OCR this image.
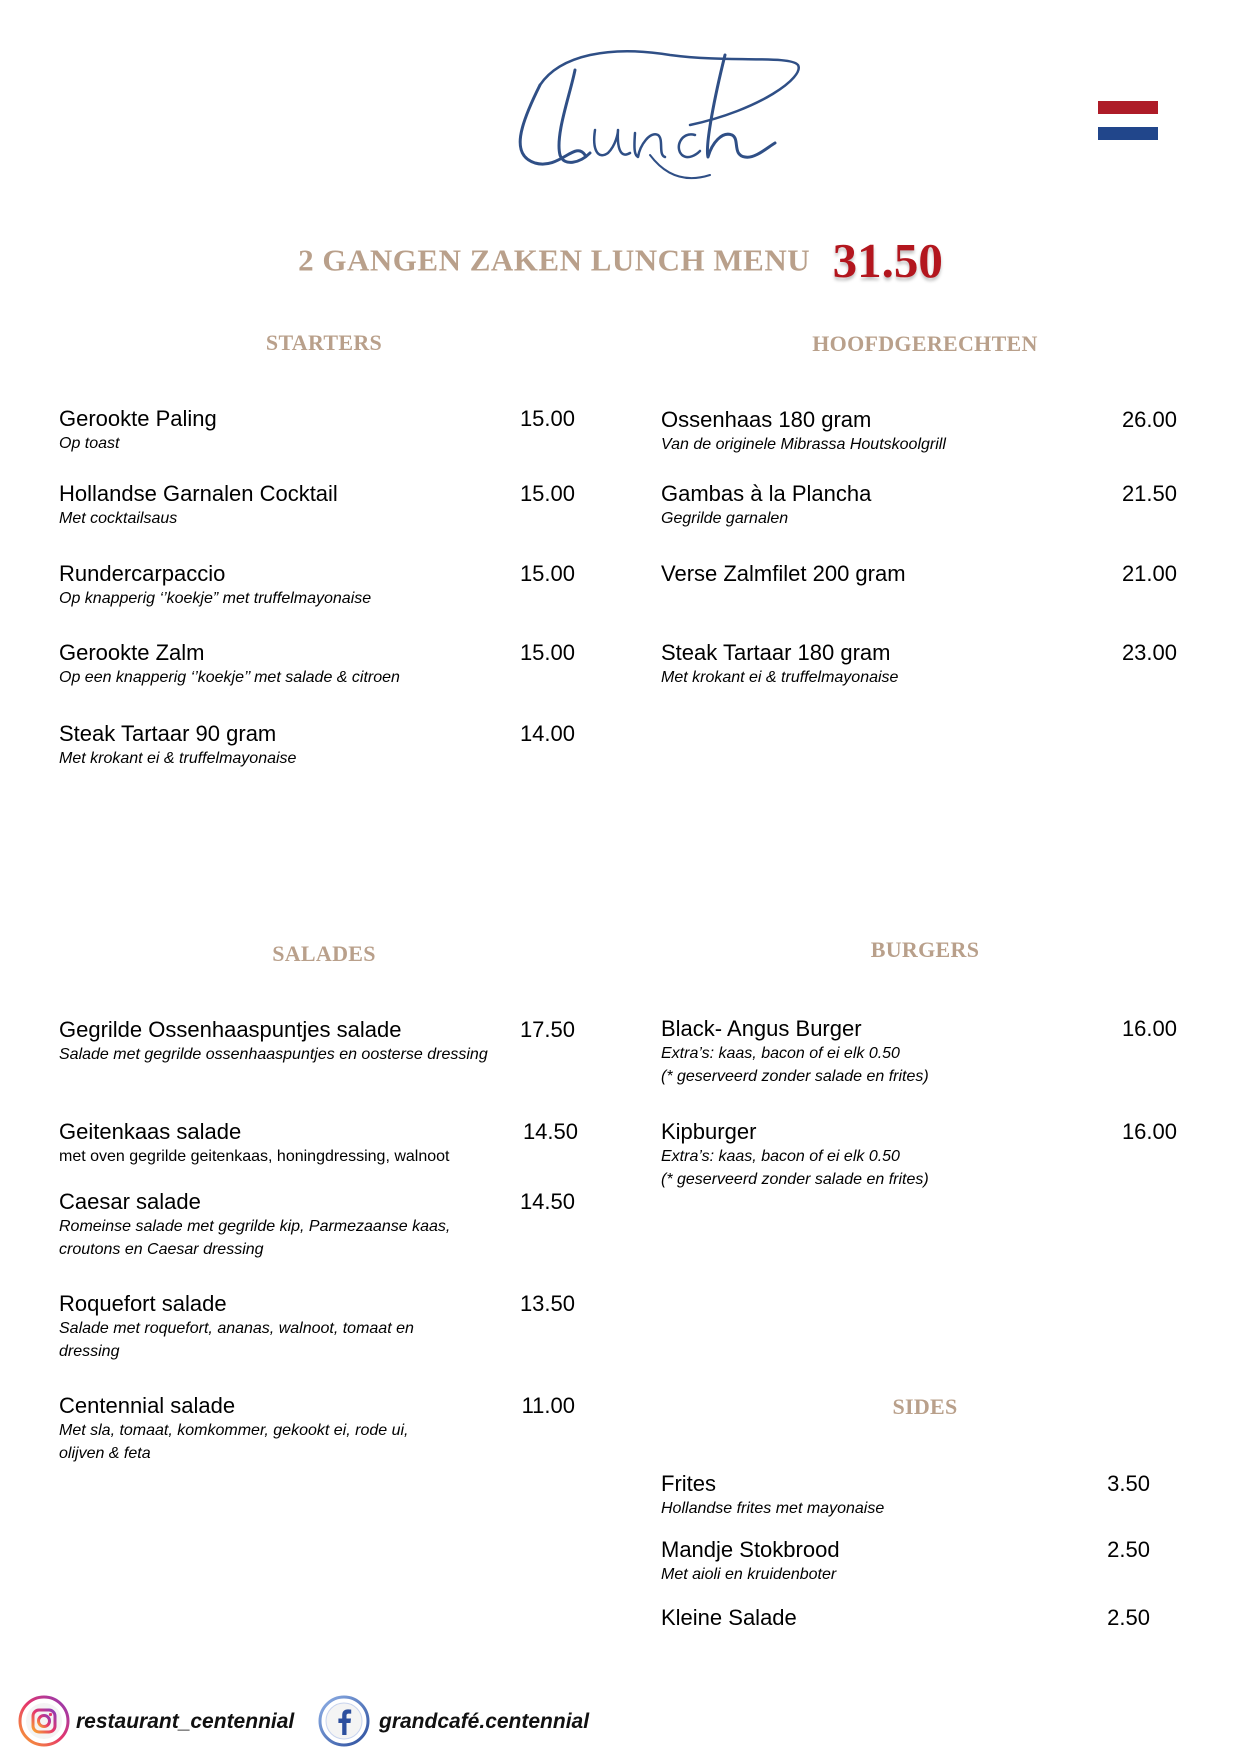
Lunch
2 GANGEN ZAKEN LUNCH MENU 31.50
STARTERS
Gerookte Paling	15.00
Op toast
Hollandse Garnalen Cocktail	15.00
Met cocktailsaus
Rundercarpaccio	15.00
Op knapperig ‘’koekje” met truffelmayonaise
Gerookte Zalm	15.00
Op een knapperig ‘’koekje’’ met salade & citroen
Steak Tartaar 90 gram	14.00
Met krokant ei & truffelmayonaise
HOOFDGERECHTEN
Ossenhaas 180 gram	26.00
Van de originele Mibrassa Houtskoolgrill
Gambas à la Plancha	21.50
Gegrilde garnalen
Verse Zalmfilet 200 gram	21.00
Steak Tartaar 180 gram	23.00
Met krokant ei & truffelmayonaise
SALADES
Gegrilde Ossenhaaspuntjes salade	17.50
Salade met gegrilde ossenhaaspuntjes en oosterse dressing
Geitenkaas salade	14.50
met oven gegrilde geitenkaas, honingdressing, walnoot
Caesar salade	14.50
Romeinse salade met gegrilde kip, Parmezaanse kaas,
croutons en Caesar dressing
Roquefort salade	13.50
Salade met roquefort, ananas, walnoot, tomaat en
dressing
Centennial salade	11.00
Met sla, tomaat, komkommer, gekookt ei, rode ui,
olijven & feta
BURGERS
Black- Angus Burger	16.00
Extra’s: kaas, bacon of ei elk 0.50
(* geserveerd zonder salade en frites)
Kipburger	16.00
Extra’s: kaas, bacon of ei elk 0.50
(* geserveerd zonder salade en frites)
SIDES
Frites	3.50
Hollandse frites met mayonaise
Mandje Stokbrood	2.50
Met aioli en kruidenboter
Kleine Salade	2.50
restaurant_centennial	grandcafé.centennial
